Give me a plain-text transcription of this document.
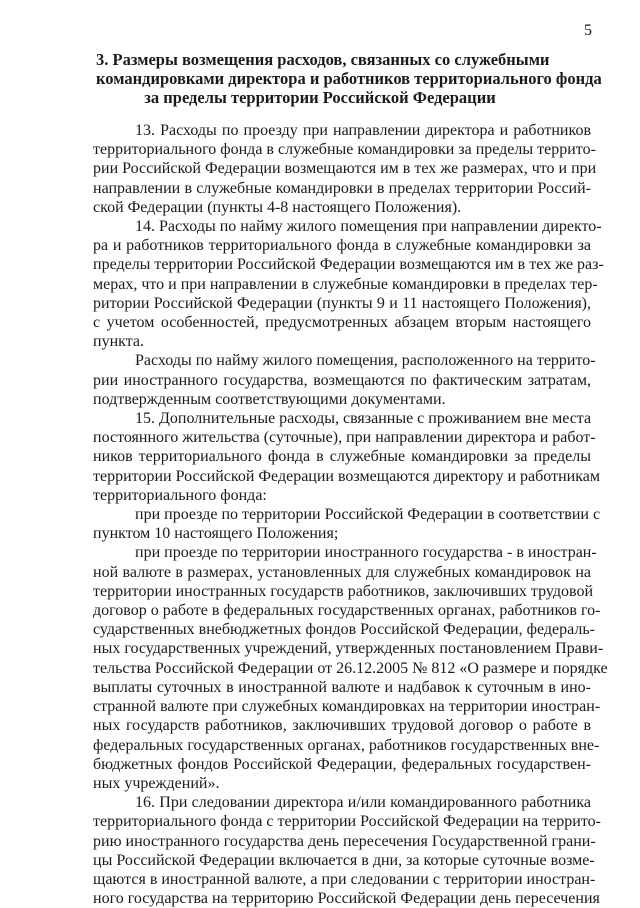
5
3. Размеры возмещения расходов, связанных со служебными
командировками директора и работников территориального фонда
за пределы территории Российской Федерации
13. Расходы по проезду при направлении директора и работников
территориального фонда в служебные командировки за пределы террито-
рии Российской Федерации возмещаются им в тех же размерах, что и при
направлении в служебные командировки в пределах территории Россий-
ской Федерации (пункты 4-8 настоящего Положения).
14. Расходы по найму жилого помещения при направлении директо-
ра и работников территориального фонда в служебные командировки за
пределы территории Российской Федерации возмещаются им в тех же раз-
мерах, что и при направлении в служебные командировки в пределах тер-
ритории Российской Федерации (пункты 9 и 11 настоящего Положения),
с учетом особенностей, предусмотренных абзацем вторым настоящего
пункта.
Расходы по найму жилого помещения, расположенного на террито-
рии иностранного государства, возмещаются по фактическим затратам,
подтвержденным соответствующими документами.
15. Дополнительные расходы, связанные с проживанием вне места
постоянного жительства (суточные), при направлении директора и работ-
ников территориального фонда в служебные командировки за пределы
территории Российской Федерации возмещаются директору и работникам
территориального фонда:
при проезде по территории Российской Федерации в соответствии с
пунктом 10 настоящего Положения;
при проезде по территории иностранного государства - в иностран-
ной валюте в размерах, установленных для служебных командировок на
территории иностранных государств работников, заключивших трудовой
договор о работе в федеральных государственных органах, работников го-
сударственных внебюджетных фондов Российской Федерации, федераль-
ных государственных учреждений, утвержденных постановлением Прави-
тельства Российской Федерации от 26.12.2005 № 812 «О размере и порядке
выплаты суточных в иностранной валюте и надбавок к суточным в ино-
странной валюте при служебных командировках на территории иностран-
ных государств работников, заключивших трудовой договор о работе в
федеральных государственных органах, работников государственных вне-
бюджетных фондов Российской Федерации, федеральных государствен-
ных учреждений».
16. При следовании директора и/или командированного работника
территориального фонда с территории Российской Федерации на террито-
рию иностранного государства день пересечения Государственной грани-
цы Российской Федерации включается в дни, за которые суточные возме-
щаются в иностранной валюте, а при следовании с территории иностран-
ного государства на территорию Российской Федерации день пересечения
